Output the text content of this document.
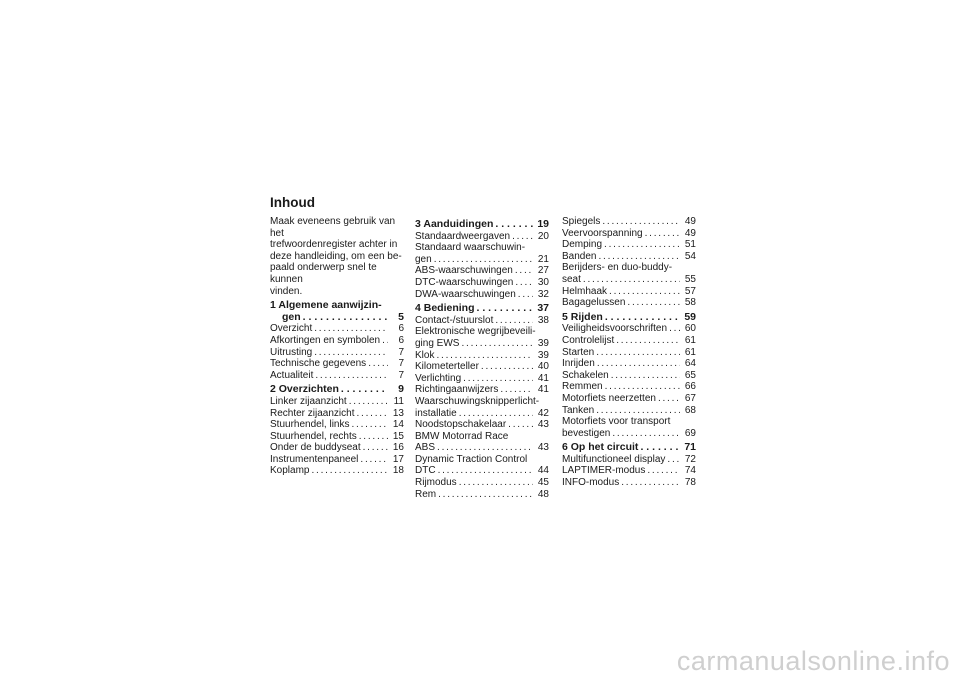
Inhoud
Maak eveneens gebruik van het
trefwoordenregister achter in
deze handleiding, om een be-
paald onderwerp snel te kunnen
vinden.
1 Algemene aanwijzin-
gen . . .	5
Overzicht . . .	6
Afkortingen en symbolen . . .	6
Uitrusting . . .	7
Technische gegevens . . .	7
Actualiteit . . .	7
2 Overzichten . . .	9
Linker zijaanzicht . . .	11
Rechter zijaanzicht . . .	13
Stuurhendel, links . . .	14
Stuurhendel, rechts . . .	15
Onder de buddyseat . . .	16
Instrumentenpaneel . . .	17
Koplamp . . .	18
3 Aanduidingen . . .	19
Standaardweergaven . . .	20
Standaard waarschuwin-
gen . . .	21
ABS-waarschuwingen . . .	27
DTC-waarschuwingen . . . 30
DWA-waarschuwingen . . . 32
4 Bediening . . .	37
Contact-/stuurslot . . .	38
Elektronische wegrijbeveili-
ging EWS . . .	39
Klok . . .	39
Kilometerteller . . .	40
Verlichting . . .	41
Richtingaanwijzers . . .	41
Waarschuwingsknipperlicht-
installatie . . .	42
Noodstopschakelaar . . .	43
BMW Motorrad Race
ABS . . .	43
Dynamic Traction Control
DTC . . .	44
Rijmodus . . .	45
Rem . . .	48
Spiegels . . .	49
Veervoorspanning . . .	49
Demping . . .	51
Banden . . .	54
Berijders- en duo-buddy-
seat . . .	55
Helmhaak . . .	57
Bagagelussen . . .	58
5 Rijden . . .	59
Veiligheidsvoorschriften . . . 60
Controlelijst . . .	61
Starten . . .	61
Inrijden . . .	64
Schakelen . . .	65
Remmen . . .	66
Motorfiets neerzetten . . .	67
Tanken . . .	68
Motorfiets voor transport
bevestigen . . .	69
6 Op het circuit . . .	71
Multifunctioneel display . . . 72
LAPTIMER-modus . . .	74
INFO-modus . . .	78
carmanualsonline.info
